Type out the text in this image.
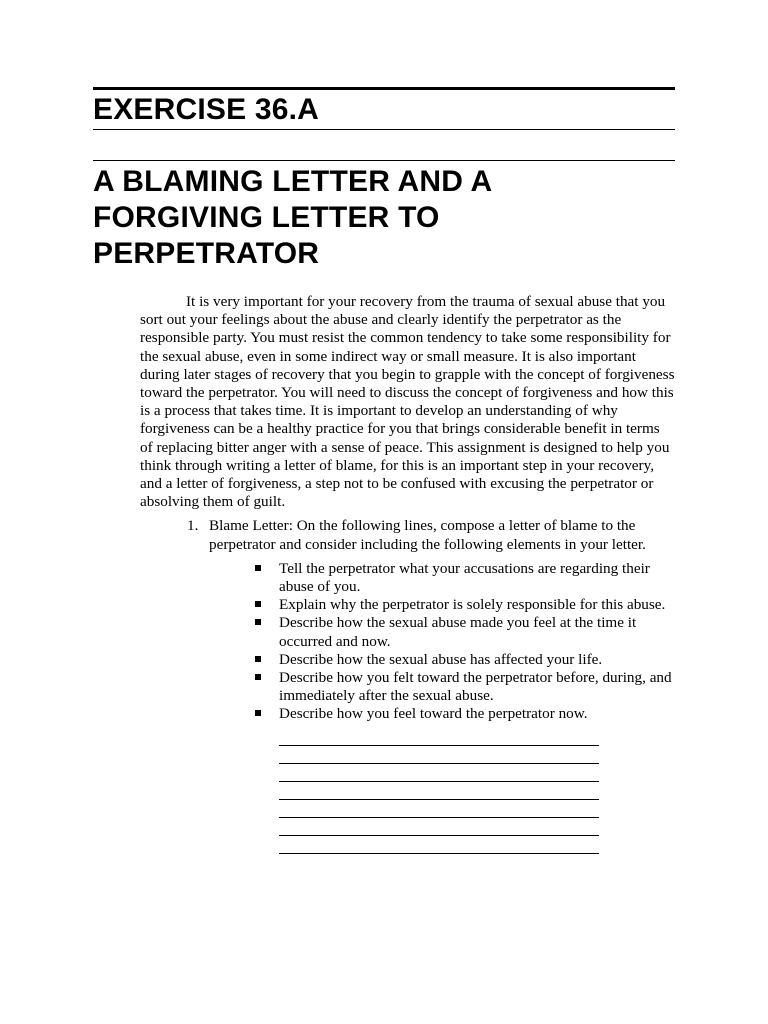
EXERCISE 36.A
A BLAMING LETTER AND A
FORGIVING LETTER TO
PERPETRATOR

It is very important for your recovery from the trauma of sexual abuse that you sort out your feelings about the abuse and clearly identify the perpetrator as the responsible party. You must resist the common tendency to take some responsibility for the sexual abuse, even in some indirect way or small measure. It is also important during later stages of recovery that you begin to grapple with the concept of forgiveness toward the perpetrator. You will need to discuss the concept of forgiveness and how this is a process that takes time. It is important to develop an understanding of why forgiveness can be a healthy practice for you that brings considerable benefit in terms of replacing bitter anger with a sense of peace. This assignment is designed to help you think through writing a letter of blame, for this is an important step in your recovery, and a letter of forgiveness, a step not to be confused with excusing the perpetrator or absolving them of guilt.

1. Blame Letter: On the following lines, compose a letter of blame to the perpetrator and consider including the following elements in your letter.
Tell the perpetrator what your accusations are regarding their abuse of you.
Explain why the perpetrator is solely responsible for this abuse.
Describe how the sexual abuse made you feel at the time it occurred and now.
Describe how the sexual abuse has affected your life.
Describe how you felt toward the perpetrator before, during, and immediately after the sexual abuse.
Describe how you feel toward the perpetrator now.
